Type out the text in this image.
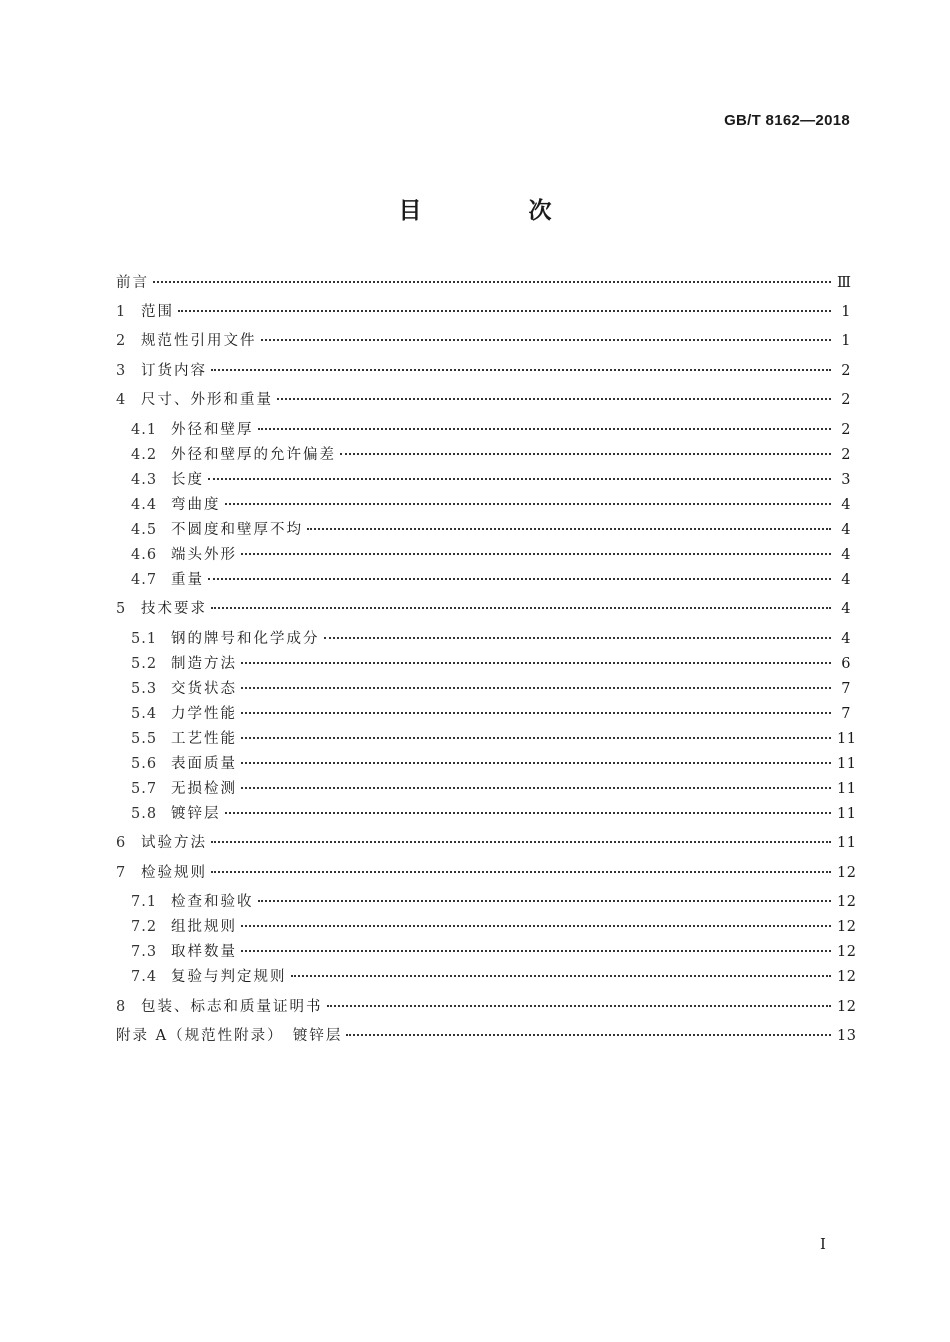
GB/T 8162—2018
目　次
前言	Ⅲ
1	范围	1
2	规范性引用文件	1
3	订货内容	2
4	尺寸、外形和重量	2
4.1 外径和壁厚	2
4.2 外径和壁厚的允许偏差	2
4.3 长度	3
4.4 弯曲度	4
4.5 不圆度和壁厚不均	4
4.6 端头外形	4
4.7 重量	4
5	技术要求	4
5.1 钢的牌号和化学成分	4
5.2 制造方法	6
5.3 交货状态	7
5.4 力学性能	7
5.5 工艺性能	11
5.6 表面质量	11
5.7 无损检测	11
5.8 镀锌层	11
6	试验方法	11
7	检验规则	12
7.1 检查和验收	12
7.2 组批规则	12
7.3 取样数量	12
7.4 复验与判定规则	12
8	包装、标志和质量证明书	12
附录 A（规范性附录）　镀锌层	13
Ⅰ
